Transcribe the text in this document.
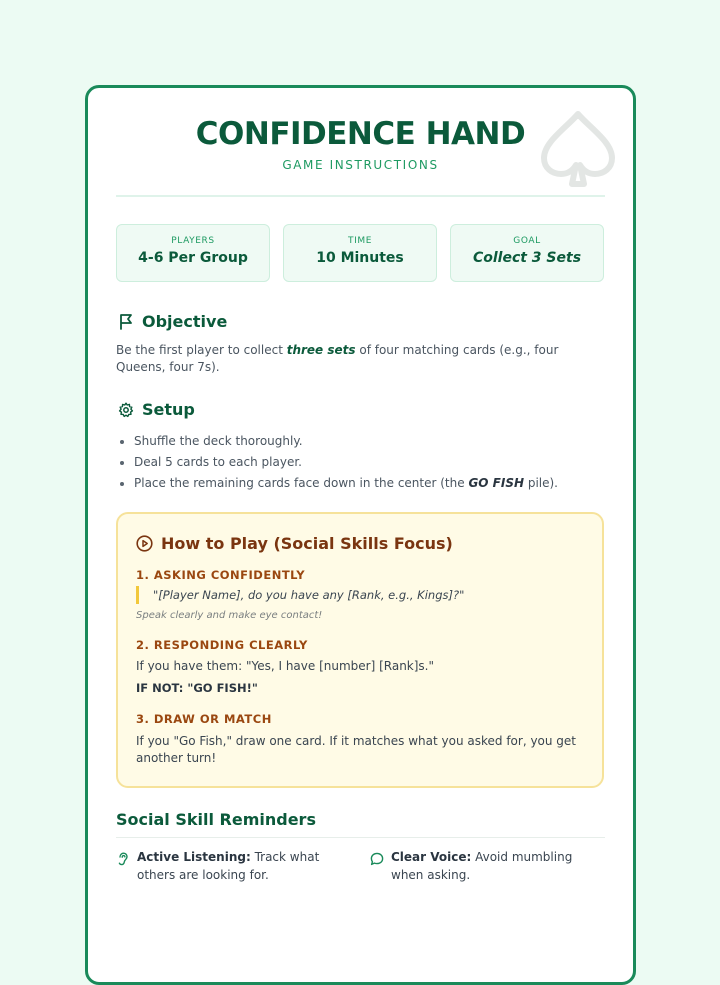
CONFIDENCE HAND
GAME INSTRUCTIONS
PLAYERS
4-6 Per Group
TIME
10 Minutes
GOAL
Collect 3 Sets
Objective
Be the first player to collect three sets of four matching cards (e.g., four Queens, four 7s).
Setup
Shuffle the deck thoroughly.
Deal 5 cards to each player.
Place the remaining cards face down in the center (the GO FISH pile).
How to Play (Social Skills Focus)
1. ASKING CONFIDENTLY
"[Player Name], do you have any [Rank, e.g., Kings]?"
Speak clearly and make eye contact!
2. RESPONDING CLEARLY
If you have them: "Yes, I have [number] [Rank]s."
IF NOT: "GO FISH!"
3. DRAW OR MATCH
If you "Go Fish," draw one card. If it matches what you asked for, you get another turn!
Social Skill Reminders
Active Listening: Track what others are looking for.
Clear Voice: Avoid mumbling when asking.
